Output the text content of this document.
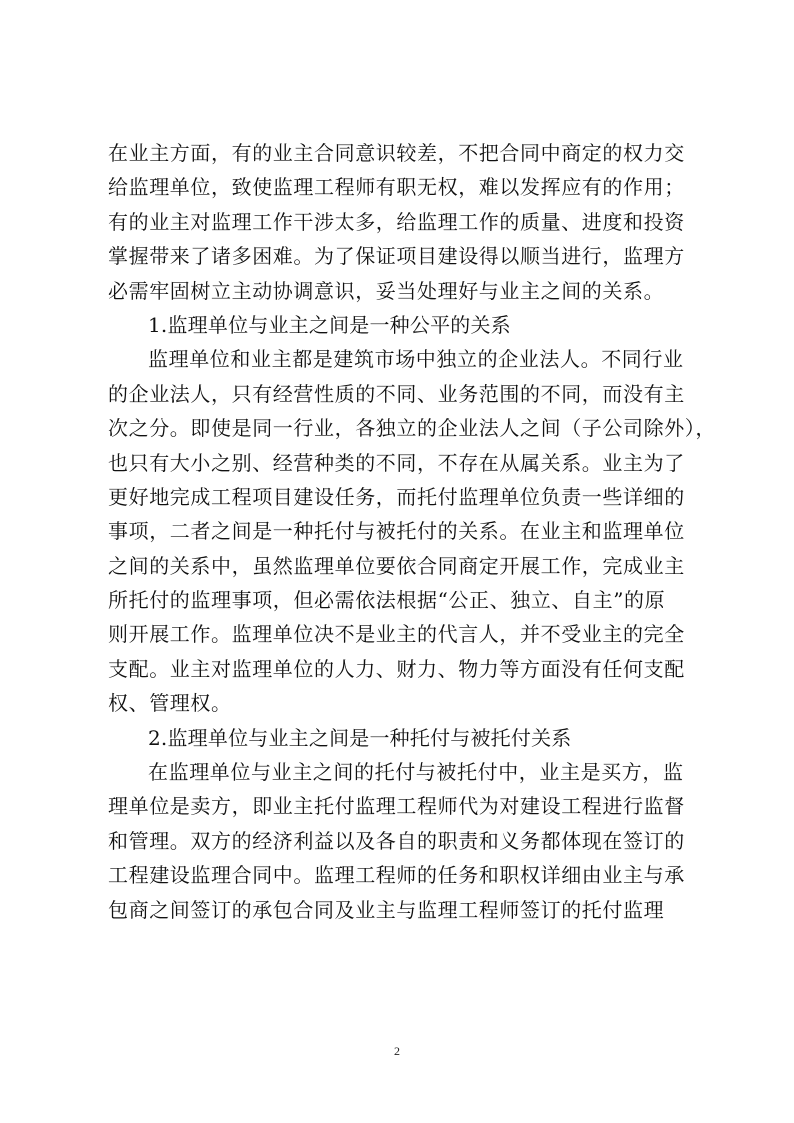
在业主方面，有的业主合同意识较差，不把合同中商定的权力交
给监理单位，致使监理工程师有职无权，难以发挥应有的作用；
有的业主对监理工作干涉太多，给监理工作的质量、进度和投资
掌握带来了诸多困难。为了保证项目建设得以顺当进行，监理方
必需牢固树立主动协调意识，妥当处理好与业主之间的关系。
1.监理单位与业主之间是一种公平的关系
监理单位和业主都是建筑市场中独立的企业法人。不同行业
的企业法人，只有经营性质的不同、业务范围的不同，而没有主
次之分。即使是同一行业，各独立的企业法人之间（子公司除外），
也只有大小之别、经营种类的不同，不存在从属关系。业主为了
更好地完成工程项目建设任务，而托付监理单位负责一些详细的
事项，二者之间是一种托付与被托付的关系。在业主和监理单位
之间的关系中，虽然监理单位要依合同商定开展工作，完成业主
所托付的监理事项，但必需依法根据“公正、独立、自主”的原
则开展工作。监理单位决不是业主的代言人，并不受业主的完全
支配。业主对监理单位的人力、财力、物力等方面没有任何支配
权、管理权。
2.监理单位与业主之间是一种托付与被托付关系
在监理单位与业主之间的托付与被托付中，业主是买方，监
理单位是卖方，即业主托付监理工程师代为对建设工程进行监督
和管理。双方的经济利益以及各自的职责和义务都体现在签订的
工程建设监理合同中。监理工程师的任务和职权详细由业主与承
包商之间签订的承包合同及业主与监理工程师签订的托付监理
2
